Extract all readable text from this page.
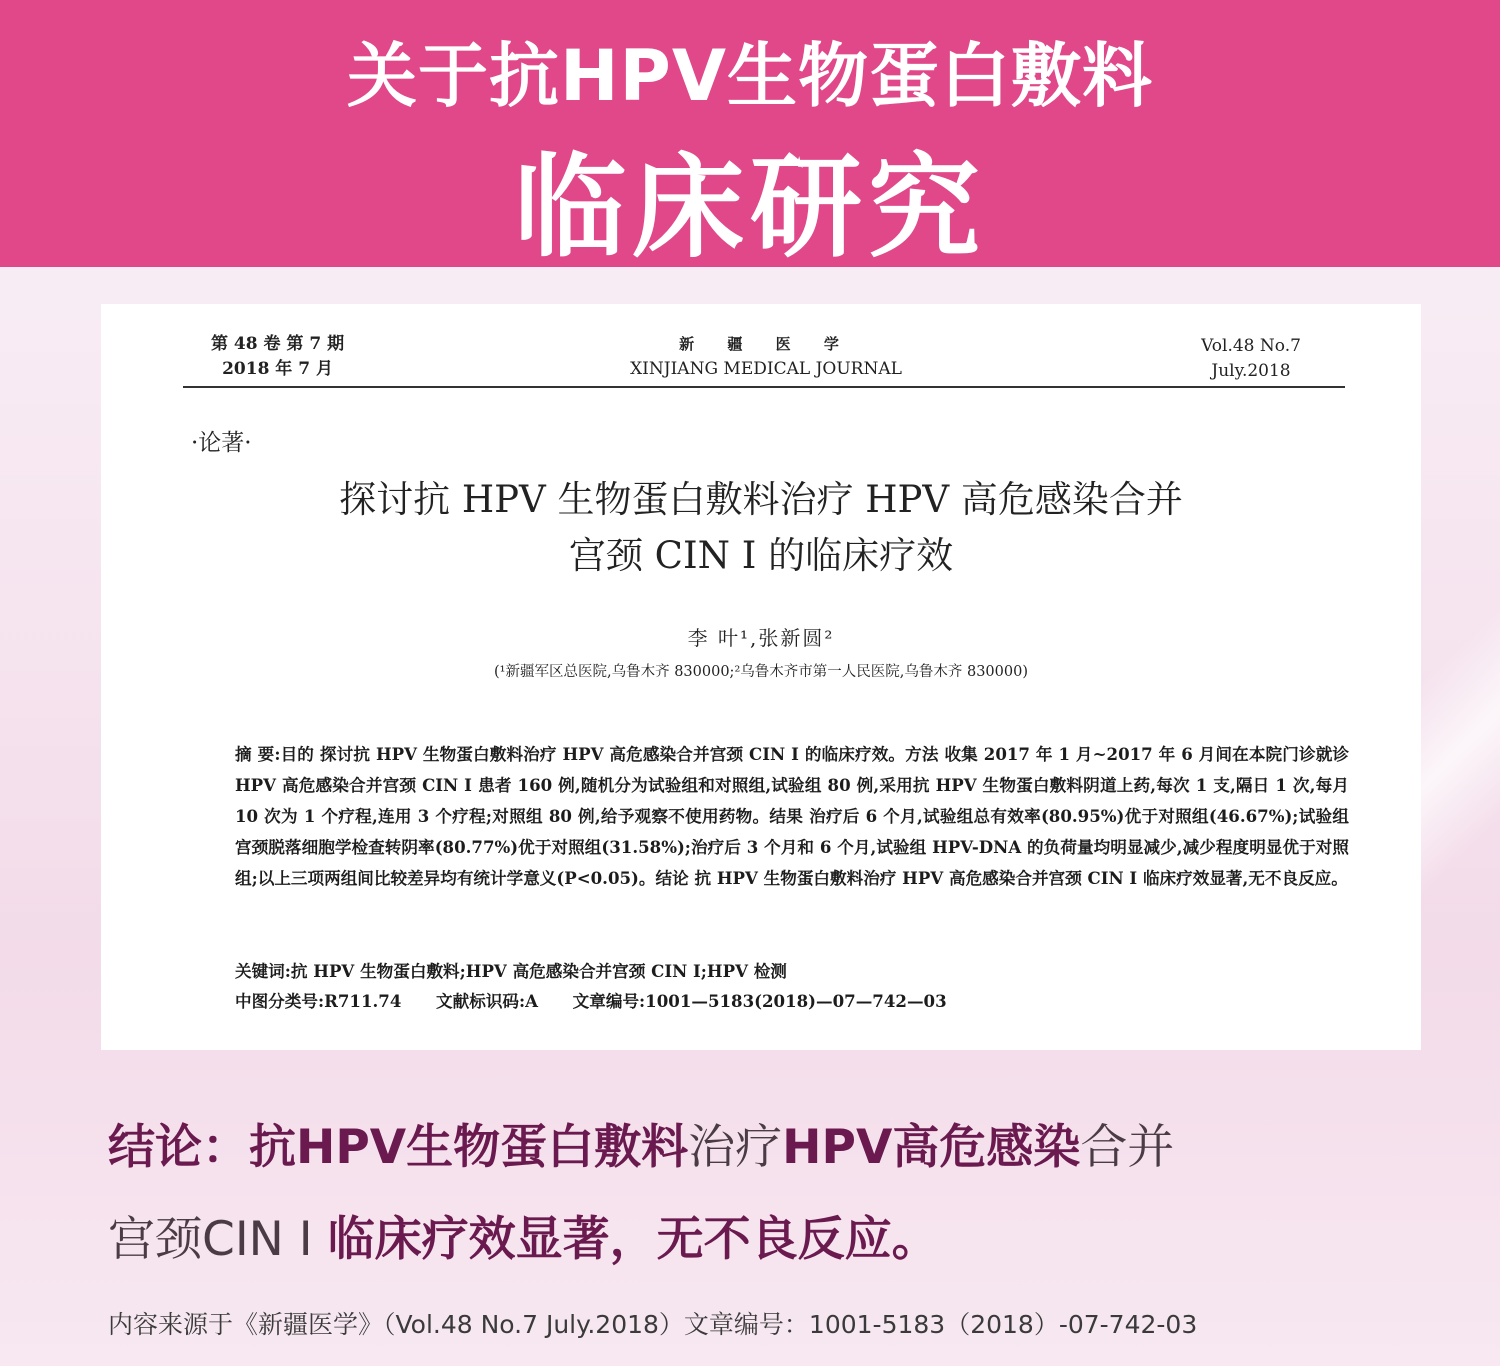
关于抗HPV生物蛋白敷料
临床研究
第 48 卷 第 7 期
2018 年 7 月
新 疆 医 学
XINJIANG MEDICAL JOURNAL
Vol.48 No.7
July.2018
·论著·
探讨抗 HPV 生物蛋白敷料治疗 HPV 高危感染合并
宫颈 CIN Ⅰ 的临床疗效
李 叶¹,张新圆²
(¹新疆军区总医院,乌鲁木齐 830000;²乌鲁木齐市第一人民医院,乌鲁木齐 830000)
摘 要:目的 探讨抗 HPV 生物蛋白敷料治疗 HPV 高危感染合并宫颈 CIN Ⅰ 的临床疗效。方法 收集 2017 年 1 月~2017 年 6 月间在本院门诊就诊 HPV 高危感染合并宫颈 CIN Ⅰ 患者 160 例,随机分为试验组和对照组,试验组 80 例,采用抗 HPV 生物蛋白敷料阴道上药,每次 1 支,隔日 1 次,每月 10 次为 1 个疗程,连用 3 个疗程;对照组 80 例,给予观察不使用药物。结果 治疗后 6 个月,试验组总有效率(80.95%)优于对照组(46.67%);试验组宫颈脱落细胞学检查转阴率(80.77%)优于对照组(31.58%);治疗后 3 个月和 6 个月,试验组 HPV-DNA 的负荷量均明显减少,减少程度明显优于对照组;以上三项两组间比较差异均有统计学意义(P<0.05)。结论 抗 HPV 生物蛋白敷料治疗 HPV 高危感染合并宫颈 CIN Ⅰ 临床疗效显著,无不良反应。
关键词:抗 HPV 生物蛋白敷料;HPV 高危感染合并宫颈 CIN Ⅰ;HPV 检测
中图分类号:R711.74      文献标识码:A      文章编号:1001—5183(2018)—07—742—03
结论：抗HPV生物蛋白敷料治疗HPV高危感染合并
宫颈CIN Ⅰ 临床疗效显著，无不良反应。
内容来源于《新疆医学》（Vol.48 No.7 July.2018）文章编号：1001-5183（2018）-07-742-03
